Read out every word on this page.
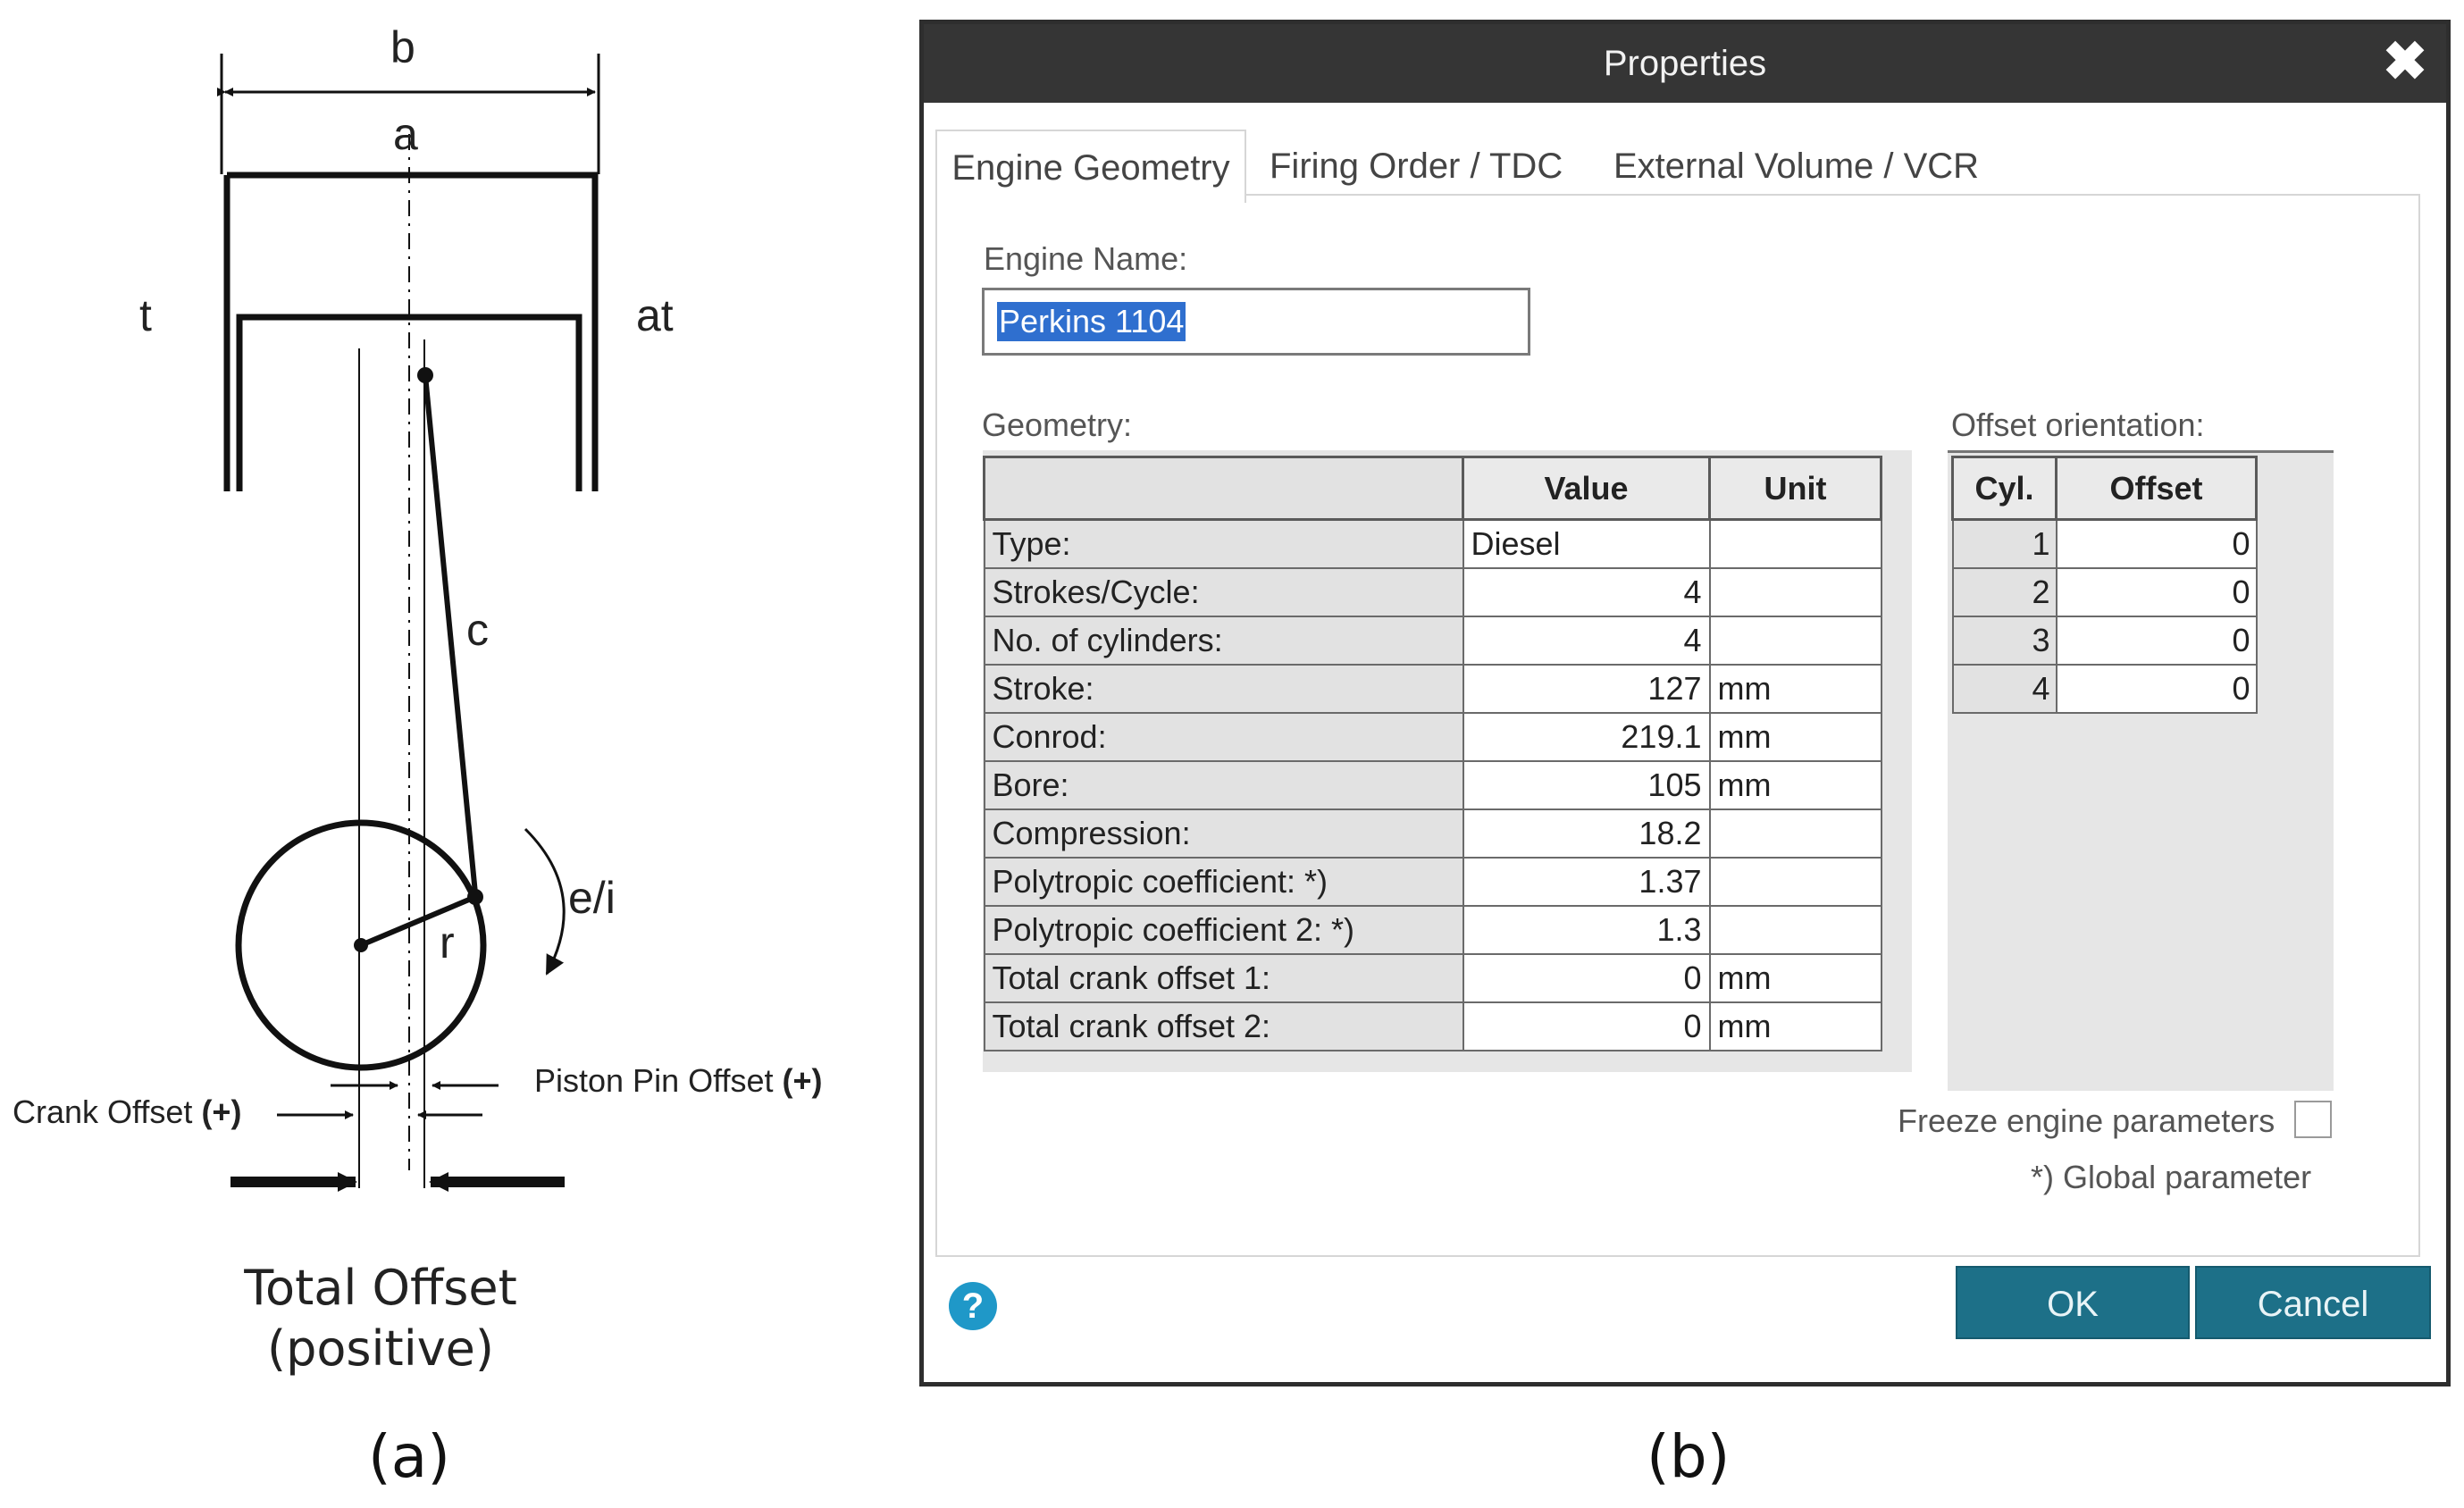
b
a
t	at
c
e/i
r
Piston Pin Offset (+)
Crank Offset (+)
Total Offset
(positive)
(a)
Properties	✖
Engine Geometry	Firing Order / TDC External Volume / VCR
Engine Name:
Perkins 1104
Geometry:	Offset orientation:
	Value	Unit
Type:	Diesel	
Strokes/Cycle:	4	
No. of cylinders:	4	
Stroke:	127	mm
Conrod:	219.1	mm
Bore:	105	mm
Compression:	18.2	
Polytropic coefficient: *)	1.37	
Polytropic coefficient 2: *)	1.3	
Total crank offset 1:	0	mm
Total crank offset 2:	0	mm
Cyl.	Offset
1	0
2	0
3	0
4	0
Freeze engine parameters
*) Global parameter
?	OK	Cancel
(b)
